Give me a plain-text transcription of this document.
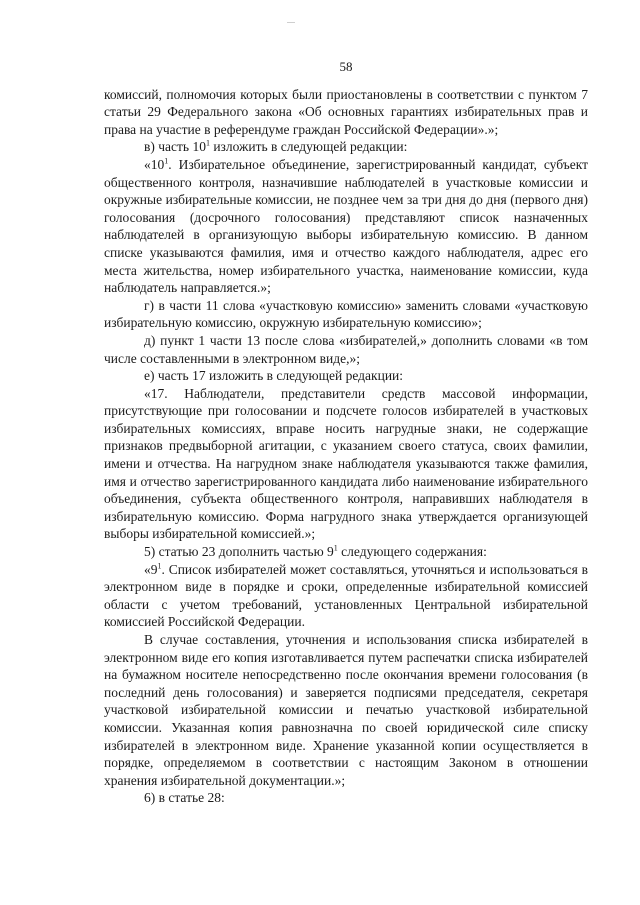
58

комиссий, полномочия которых были приостановлены в соответствии с пунктом 7 статьи 29 Федерального закона «Об основных гарантиях избирательных прав и права на участие в референдуме граждан Российской Федерации».»;

в) часть $10^1$ изложить в следующей редакции:

«$10^1$. Избирательное объединение, зарегистрированный кандидат, субъект общественного контроля, назначившие наблюдателей в участковые комиссии и окружные избирательные комиссии, не позднее чем за три дня до дня (первого дня) голосования (досрочного голосования) представляют список назначенных наблюдателей в организующую выборы избирательную комиссию. В данном списке указываются фамилия, имя и отчество каждого наблюдателя, адрес его места жительства, номер избирательного участка, наименование комиссии, куда наблюдатель направляется.»;

г) в части 11 слова «участковую комиссию» заменить словами «участковую избирательную комиссию, окружную избирательную комиссию»;

д) пункт 1 части 13 после слова «избирателей,» дополнить словами «в том числе составленными в электронном виде,»;

е) часть 17 изложить в следующей редакции:

«17. Наблюдатели, представители средств массовой информации, присутствующие при голосовании и подсчете голосов избирателей в участковых избирательных комиссиях, вправе носить нагрудные знаки, не содержащие признаков предвыборной агитации, с указанием своего статуса, своих фамилии, имени и отчества. На нагрудном знаке наблюдателя указываются также фамилия, имя и отчество зарегистрированного кандидата либо наименование избирательного объединения, субъекта общественного контроля, направивших наблюдателя в избирательную комиссию. Форма нагрудного знака утверждается организующей выборы избирательной комиссией.»;

5) статью 23 дополнить частью $9^1$ следующего содержания:

«$9^1$. Список избирателей может составляться, уточняться и использоваться в электронном виде в порядке и сроки, определенные избирательной комиссией области с учетом требований, установленных Центральной избирательной комиссией Российской Федерации.

В случае составления, уточнения и использования списка избирателей в электронном виде его копия изготавливается путем распечатки списка избирателей на бумажном носителе непосредственно после окончания времени голосования (в последний день голосования) и заверяется подписями председателя, секретаря участковой избирательной комиссии и печатью участковой избирательной комиссии. Указанная копия равнозначна по своей юридической силе списку избирателей в электронном виде. Хранение указанной копии осуществляется в порядке, определяемом в соответствии с настоящим Законом в отношении хранения избирательной документации.»;

6) в статье 28:
